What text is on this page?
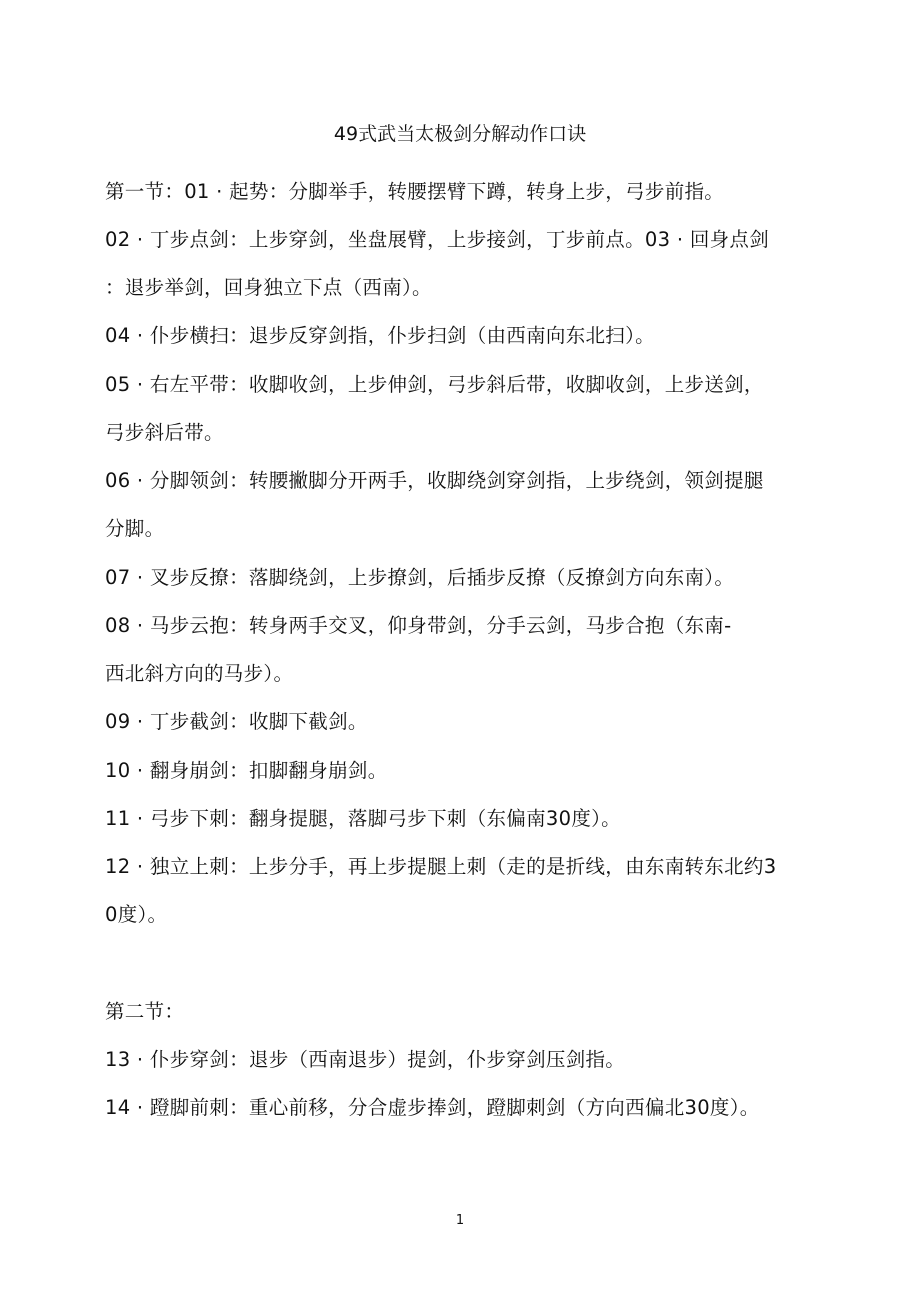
49式武当太极剑分解动作口诀
第一节：01 · 起势：分脚举手，转腰摆臂下蹲，转身上步，弓步前指。
02 · 丁步点剑：上步穿剑，坐盘展臂，上步接剑，丁步前点。03 · 回身点剑
：退步举剑，回身独立下点（西南）。
04 · 仆步横扫：退步反穿剑指，仆步扫剑（由西南向东北扫）。
05 · 右左平带：收脚收剑，上步伸剑，弓步斜后带，收脚收剑，上步送剑，
弓步斜后带。
06 · 分脚领剑：转腰撇脚分开两手，收脚绕剑穿剑指，上步绕剑，领剑提腿
分脚。
07 · 叉步反撩：落脚绕剑，上步撩剑，后插步反撩（反撩剑方向东南）。
08 · 马步云抱：转身两手交叉，仰身带剑，分手云剑，马步合抱（东南-
西北斜方向的马步）。
09 · 丁步截剑：收脚下截剑。
10 · 翻身崩剑：扣脚翻身崩剑。
11 · 弓步下刺：翻身提腿，落脚弓步下刺（东偏南30度）。
12 · 独立上刺：上步分手，再上步提腿上刺（走的是折线，由东南转东北约3
0度）。
第二节：
13 · 仆步穿剑：退步（西南退步）提剑，仆步穿剑压剑指。
14 · 蹬脚前刺：重心前移，分合虚步捧剑，蹬脚刺剑（方向西偏北30度）。
1
